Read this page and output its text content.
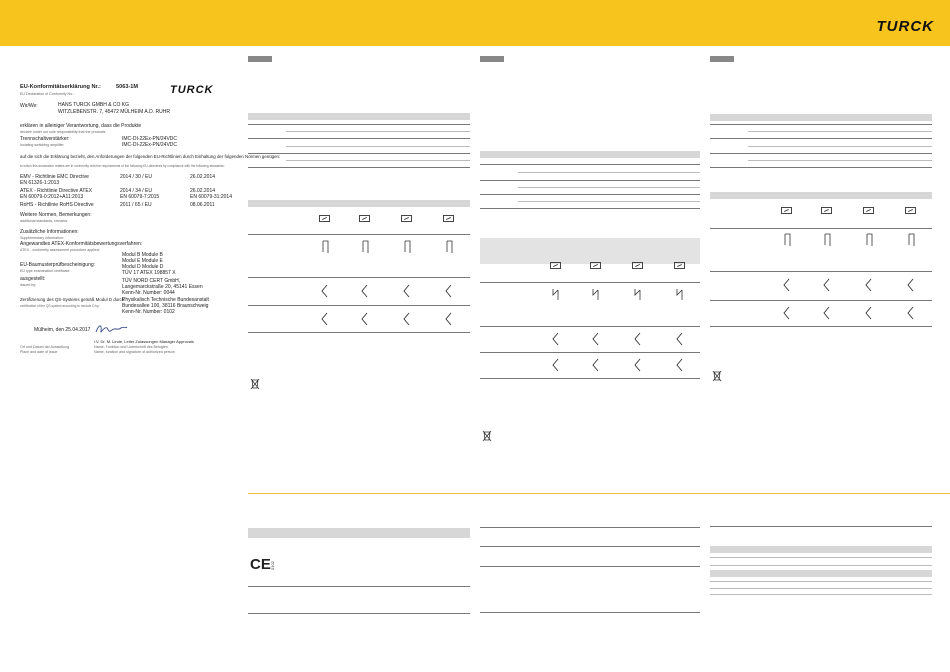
TURCK
EU-Konformitätserklärung Nr.:	5063-1M
EU Declaration of Conformity No.:
Wir/We:	HANS TURCK GMBH & CO KG
WITZLEBENSTR. 7, 45472 MÜLHEIM A.D. RUHR
erklären in alleiniger Verantwortung, dass die Produkte
declare under our sole responsibility that the products
Trennschaltverstärker:
Isolating switching amplifier
IMC-DI-22Ex-PN/24VDC
IMC-DI-22Ex-PN/24VDC
auf die sich die Erklärung bezieht, den Anforderungen der folgenden EU-Richtlinien durch Einhaltung der folgenden Normen genügen:
to which this declaration relates are in conformity with the requirements of the following EU-directives by compliance with the following standards:
EMV - Richtlinie EMC Directive	2014 / 30 / EU	26.02.2014
EN 61326-1:2013
ATEX - Richtlinie Directive ATEX	2014 / 34 / EU	26.02.2014
EN 60079-0:2012+A11:2013	EN 60079-7:2015	EN 60079-31:2014
RoHS - Richtlinie RoHS Directive	2011 / 65 / EU	08.06.2011
Weitere Normen, Bemerkungen:
additional standards, remarks:
Zusätzliche Informationen:
Supplementary information:
Angewandtes ATEX-Konformitätsbewertungsverfahren:
ATEX - conformity assessment procedure applied:
Modul B Module B
Modul E Module E
Modul D Module D
EU-Baumusterprüfbescheinigung:
EU type examination certificate	TÜV 17 ATEX 198857 X
ausgestellt:
issued by:
TÜV NORD CERT GmbH,
Langemarckstraße 20, 45141 Essen
Kenn-Nr. Number: 0044
Zertifizierung des QS-Systems gemäß Modul D durch:
certification of the QS-system according to module D by:
Physikalisch Technische Bundesanstalt
Bundesallee 100, 38116 Braunschweig
Kenn-Nr. Number: 0102
Mülheim, den 25.04.2017
i.V. Dr. M. Linde, Leiter Zulassungen Manager Approvals
Ort und Datum der Ausstellung
Place and date of issue
Name, Funktion und Unterschrift des Befugten
Name, function and signature of authorized person
TURCK
CE 0102
